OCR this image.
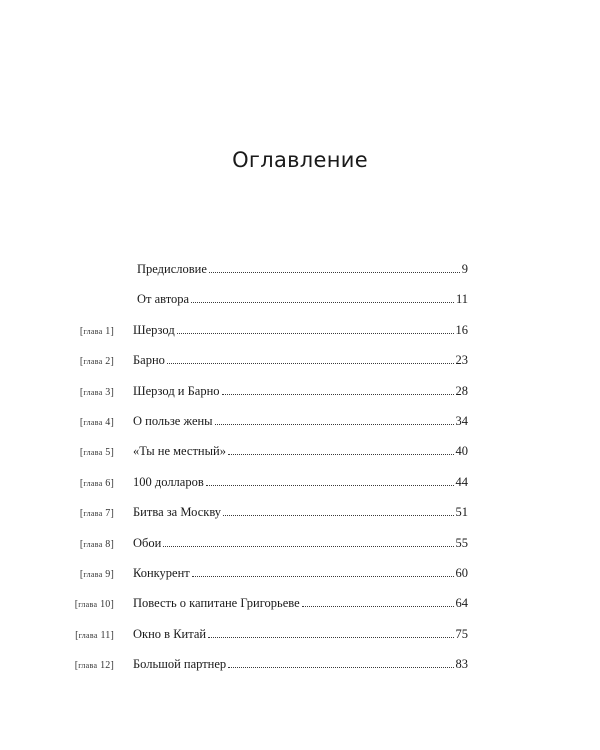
Оглавление
Предисловие	9
От автора	11
[глава 1]	Шерзод	16
[глава 2]	Барно	23
[глава 3]	Шерзод и Барно	28
[глава 4]	О пользе жены	34
[глава 5]	«Ты не местный»	40
[глава 6]	100 долларов	44
[глава 7]	Битва за Москву	51
[глава 8]	Обои	55
[глава 9]	Конкурент	60
[глава 10]	Повесть о капитане Григорьеве	64
[глава 11]	Окно в Китай	75
[глава 12]	Большой партнер	83
